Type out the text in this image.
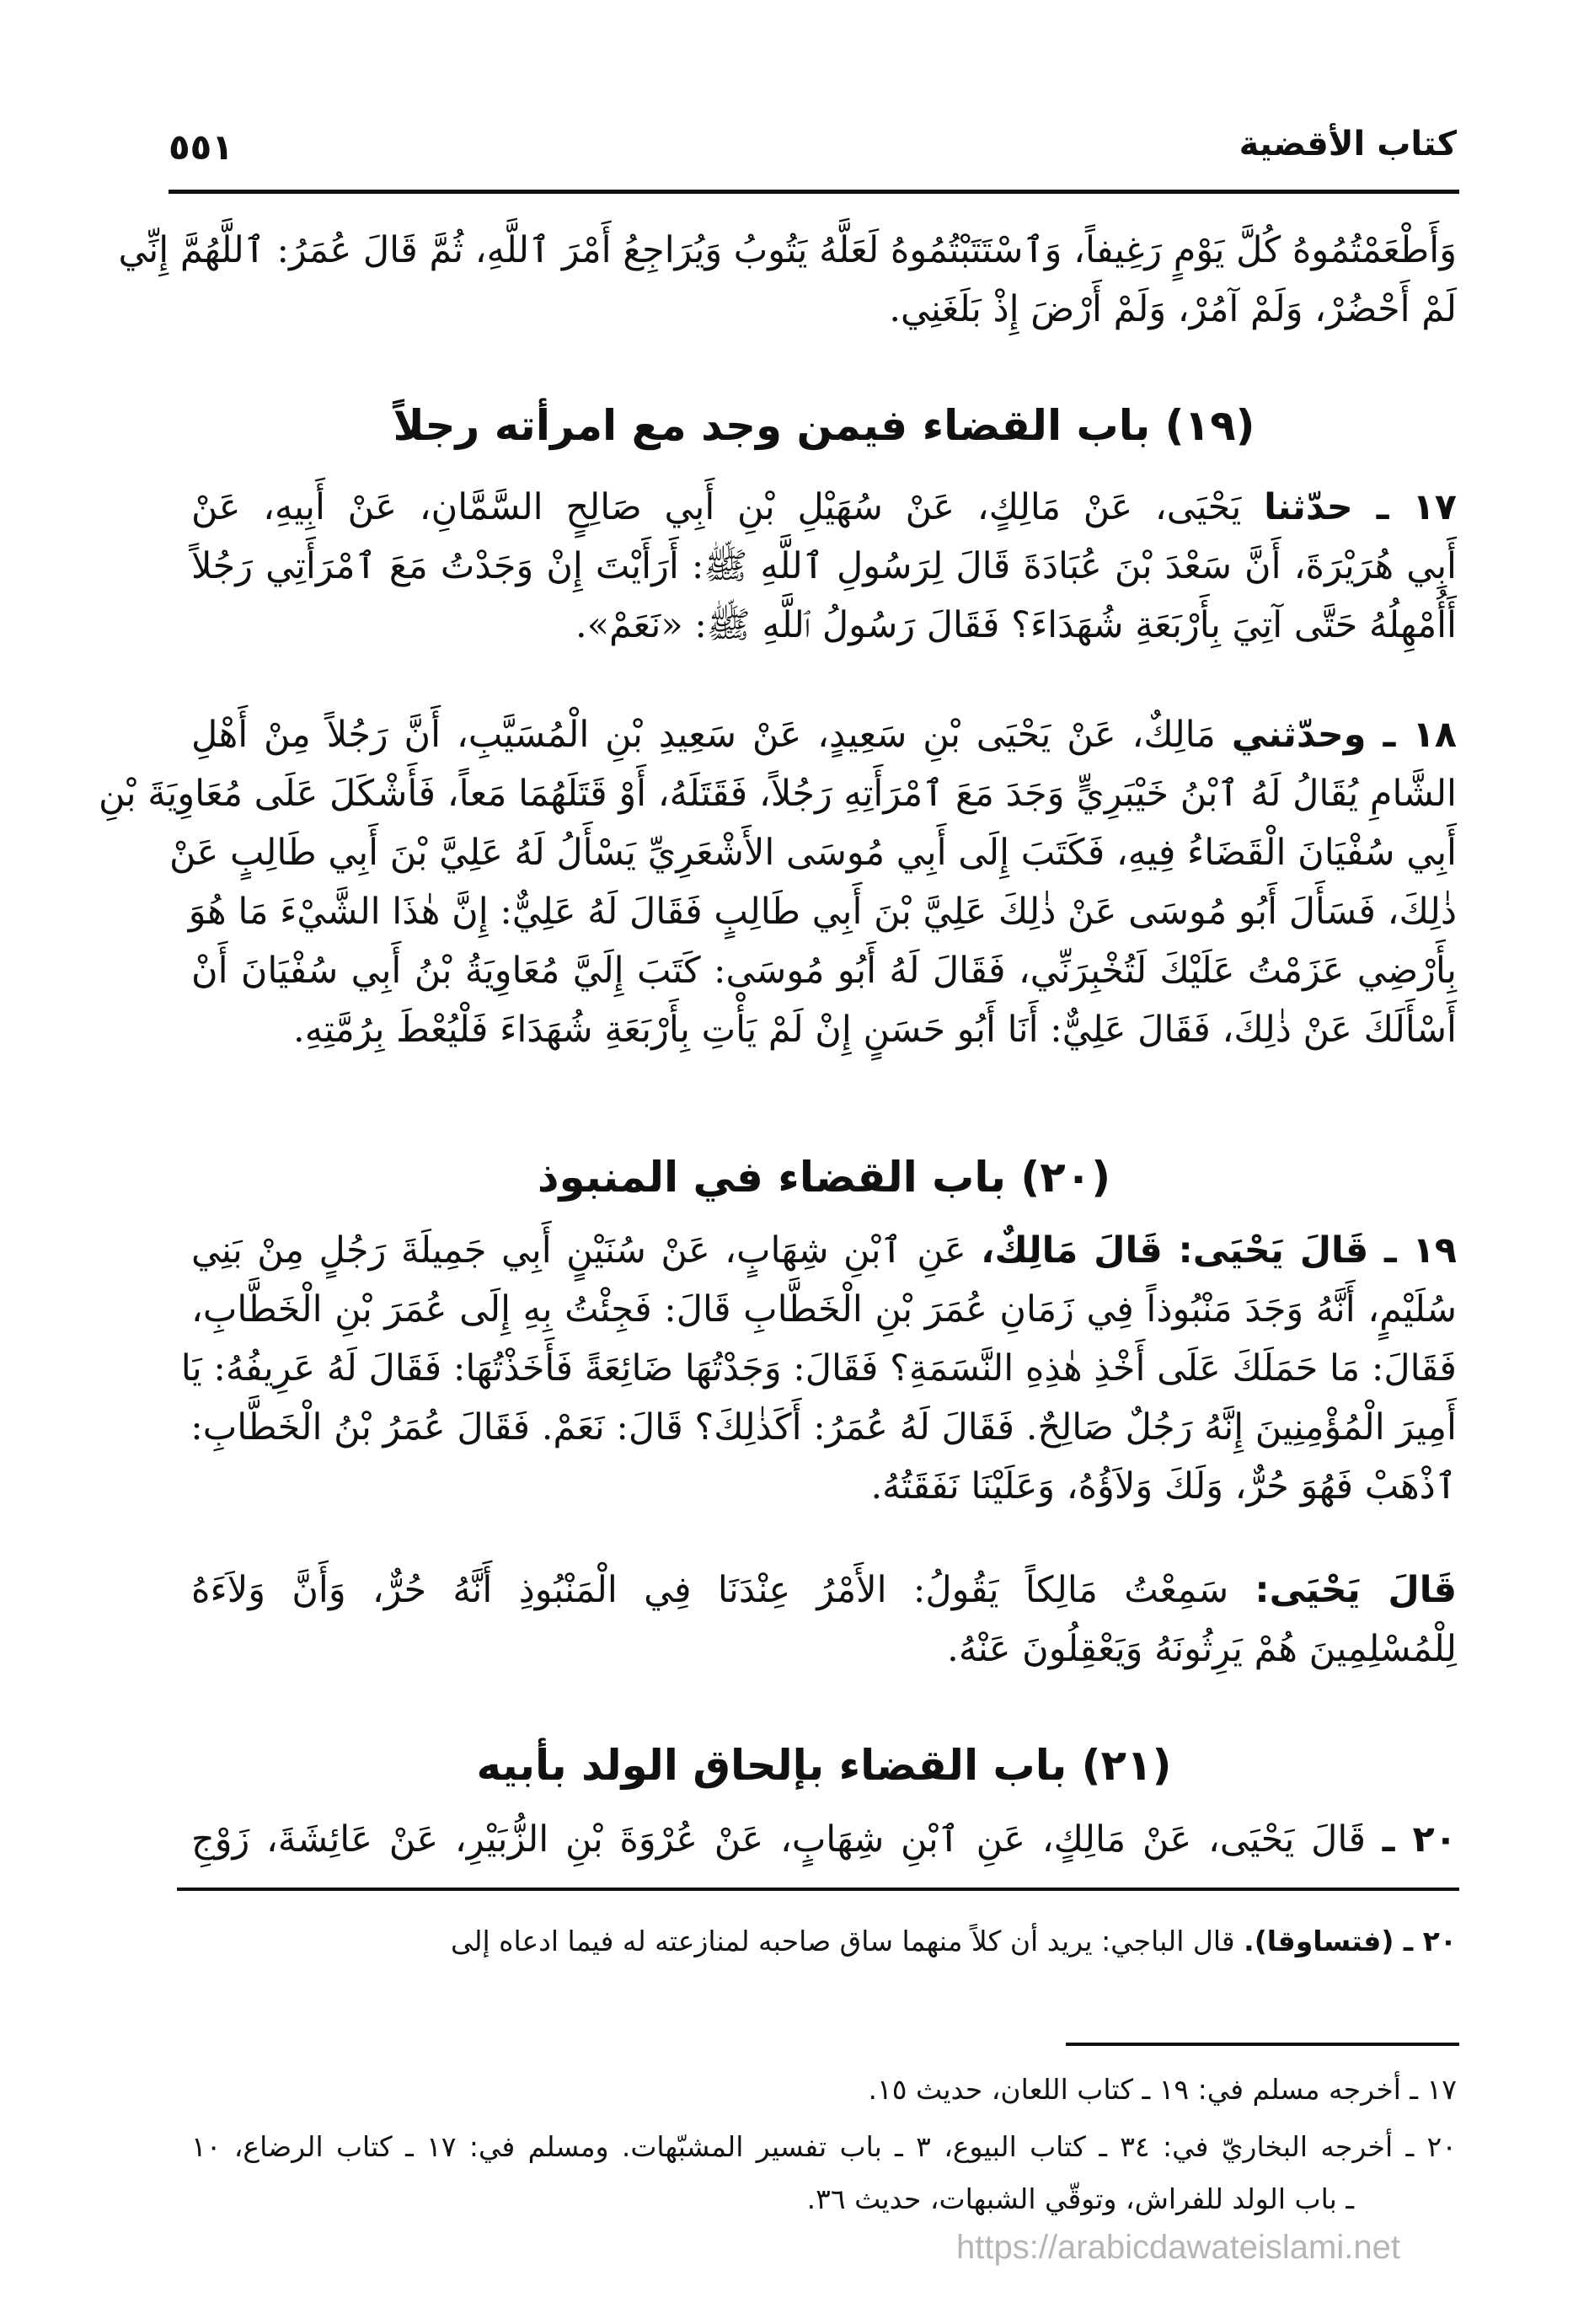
كتاب الأقضية
٥٥١
وَأَطْعَمْتُمُوهُ كُلَّ يَوْمٍ رَغِيفاً، وَٱسْتَتَبْتُمُوهُ لَعَلَّهُ يَتُوبُ وَيُرَاجِعُ أَمْرَ ٱللَّهِ، ثُمَّ قَالَ عُمَرُ: ٱللَّهُمَّ إِنِّي
لَمْ أَحْضُرْ، وَلَمْ آمُرْ، وَلَمْ أَرْضَ إِذْ بَلَغَنِي.
(١٩) باب القضاء فيمن وجد مع امرأته رجلاً
١٧ ـ حدّثنا يَحْيَى، عَنْ مَالِكٍ، عَنْ سُهَيْلِ بْنِ أَبِي صَالِحٍ السَّمَّانِ، عَنْ أَبِيهِ، عَنْ
أَبِي هُرَيْرَةَ، أَنَّ سَعْدَ بْنَ عُبَادَةَ قَالَ لِرَسُولِ ٱللَّهِ ﷺ: أَرَأَيْتَ إِنْ وَجَدْتُ مَعَ ٱمْرَأَتِي رَجُلاً
أَأُمْهِلُهُ حَتَّى آتِيَ بِأَرْبَعَةِ شُهَدَاءَ؟ فَقَالَ رَسُولُ ٱللَّهِ ﷺ: «نَعَمْ».
١٨ ـ وحدّثني مَالِكٌ، عَنْ يَحْيَى بْنِ سَعِيدٍ، عَنْ سَعِيدِ بْنِ الْمُسَيَّبِ، أَنَّ رَجُلاً مِنْ أَهْلِ
الشَّامِ يُقَالُ لَهُ ٱبْنُ خَيْبَرِيٍّ وَجَدَ مَعَ ٱمْرَأَتِهِ رَجُلاً، فَقَتَلَهُ، أَوْ قَتَلَهُمَا مَعاً، فَأَشْكَلَ عَلَى مُعَاوِيَةَ بْنِ
أَبِي سُفْيَانَ الْقَضَاءُ فِيهِ، فَكَتَبَ إِلَى أَبِي مُوسَى الأَشْعَرِيِّ يَسْأَلُ لَهُ عَلِيَّ بْنَ أَبِي طَالِبٍ عَنْ
ذٰلِكَ، فَسَأَلَ أَبُو مُوسَى عَنْ ذٰلِكَ عَلِيَّ بْنَ أَبِي طَالِبٍ فَقَالَ لَهُ عَلِيٌّ: إِنَّ هٰذَا الشَّيْءَ مَا هُوَ
بِأَرْضِي عَزَمْتُ عَلَيْكَ لَتُخْبِرَنِّي، فَقَالَ لَهُ أَبُو مُوسَى: كَتَبَ إِلَيَّ مُعَاوِيَةُ بْنُ أَبِي سُفْيَانَ أَنْ
أَسْأَلَكَ عَنْ ذٰلِكَ، فَقَالَ عَلِيٌّ: أَنَا أَبُو حَسَنٍ إِنْ لَمْ يَأْتِ بِأَرْبَعَةِ شُهَدَاءَ فَلْيُعْطَ بِرُمَّتِهِ.
(٢٠) باب القضاء في المنبوذ
١٩ ـ قَالَ يَحْيَى: قَالَ مَالِكٌ، عَنِ ٱبْنِ شِهَابٍ، عَنْ سُنَيْنٍ أَبِي جَمِيلَةَ رَجُلٍ مِنْ بَنِي
سُلَيْمٍ، أَنَّهُ وَجَدَ مَنْبُوذاً فِي زَمَانِ عُمَرَ بْنِ الْخَطَّابِ قَالَ: فَجِئْتُ بِهِ إِلَى عُمَرَ بْنِ الْخَطَّابِ،
فَقَالَ: مَا حَمَلَكَ عَلَى أَخْذِ هٰذِهِ النَّسَمَةِ؟ فَقَالَ: وَجَدْتُهَا ضَائِعَةً فَأَخَذْتُهَا: فَقَالَ لَهُ عَرِيفُهُ: يَا
أَمِيرَ الْمُؤْمِنِينَ إِنَّهُ رَجُلٌ صَالِحٌ. فَقَالَ لَهُ عُمَرُ: أَكَذٰلِكَ؟ قَالَ: نَعَمْ. فَقَالَ عُمَرُ بْنُ الْخَطَّابِ:
ٱذْهَبْ فَهُوَ حُرٌّ، وَلَكَ وَلاَؤُهُ، وَعَلَيْنَا نَفَقَتُهُ.
قَالَ يَحْيَى: سَمِعْتُ مَالِكاً يَقُولُ: الأَمْرُ عِنْدَنَا فِي الْمَنْبُوذِ أَنَّهُ حُرٌّ، وَأَنَّ وَلاَءَهُ
لِلْمُسْلِمِينَ هُمْ يَرِثُونَهُ وَيَعْقِلُونَ عَنْهُ.
(٢١) باب القضاء بإلحاق الولد بأبيه
٢٠ ـ قَالَ يَحْيَى، عَنْ مَالِكٍ، عَنِ ٱبْنِ شِهَابٍ، عَنْ عُرْوَةَ بْنِ الزُّبَيْرِ، عَنْ عَائِشَةَ، زَوْجِ
٢٠ ـ (فتساوقا). قال الباجي: يريد أن كلاً منهما ساق صاحبه لمنازعته له فيما ادعاه إلى
١٧ ـ أخرجه مسلم في: ١٩ ـ كتاب اللعان، حديث ١٥.
٢٠ ـ أخرجه البخاريّ في: ٣٤ ـ كتاب البيوع، ٣ ـ باب تفسير المشبّهات. ومسلم في: ١٧ ـ كتاب الرضاع، ١٠
ـ باب الولد للفراش، وتوقّي الشبهات، حديث ٣٦.
https://arabicdawateislami.net
